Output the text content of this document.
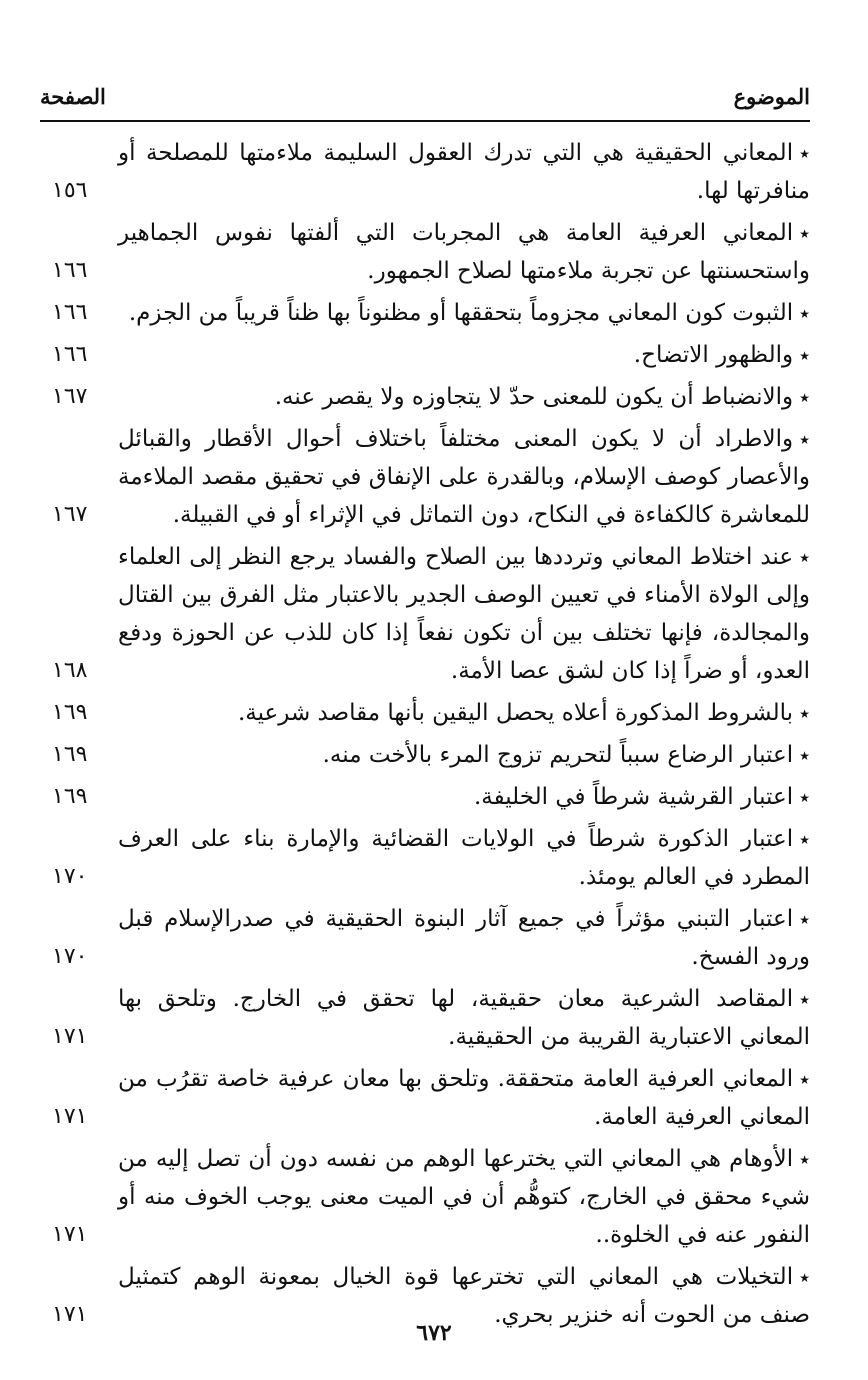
الموضوع
الصفحة
٭المعاني الحقيقية هي التي تدرك العقول السليمة ملاءمتها للمصلحة أو منافرتها لها.
١٥٦
٭المعاني العرفية العامة هي المجربات التي ألفتها نفوس الجماهير واستحسنتها عن تجربة ملاءمتها لصلاح الجمهور.
١٦٦
٭الثبوت كون المعاني مجزوماً بتحققها أو مظنوناً بها ظناً قريباً من الجزم.
١٦٦
٭والظهور الاتضاح.
١٦٦
٭والانضباط أن يكون للمعنى حدّ لا يتجاوزه ولا يقصر عنه.
١٦٧
٭والاطراد أن لا يكون المعنى مختلفاً باختلاف أحوال الأقطار والقبائل والأعصار كوصف الإسلام، وبالقدرة على الإنفاق في تحقيق مقصد الملاءمة للمعاشرة كالكفاءة في النكاح، دون التماثل في الإثراء أو في القبيلة.
١٦٧
٭عند اختلاط المعاني وترددها بين الصلاح والفساد يرجع النظر إلى العلماء وإلى الولاة الأمناء في تعيين الوصف الجدير بالاعتبار مثل الفرق بين القتال والمجالدة، فإنها تختلف بين أن تكون نفعاً إذا كان للذب عن الحوزة ودفع العدو، أو ضراً إذا كان لشق عصا الأمة.
١٦٨
٭بالشروط المذكورة أعلاه يحصل اليقين بأنها مقاصد شرعية.
١٦٩
٭اعتبار الرضاع سبباً لتحريم تزوج المرء بالأخت منه.
١٦٩
٭اعتبار القرشية شرطاً في الخليفة.
١٦٩
٭اعتبار الذكورة شرطاً في الولايات القضائية والإمارة بناء على العرف المطرد في العالم يومئذ.
١٧٠
٭اعتبار التبني مؤثراً في جميع آثار البنوة الحقيقية في صدرالإسلام قبل ورود الفسخ.
١٧٠
٭المقاصد الشرعية معان حقيقية، لها تحقق في الخارج. وتلحق بها المعاني الاعتبارية القريبة من الحقيقية.
١٧١
٭المعاني العرفية العامة متحققة. وتلحق بها معان عرفية خاصة تقرُب من المعاني العرفية العامة.
١٧١
٭الأوهام هي المعاني التي يخترعها الوهم من نفسه دون أن تصل إليه من شيء محقق في الخارج، كتوهُّم أن في الميت معنى يوجب الخوف منه أو النفور عنه في الخلوة..
١٧١
٭التخيلات هي المعاني التي تخترعها قوة الخيال بمعونة الوهم كتمثيل صنف من الحوت أنه خنزير بحري.
١٧١
٦٧٢
